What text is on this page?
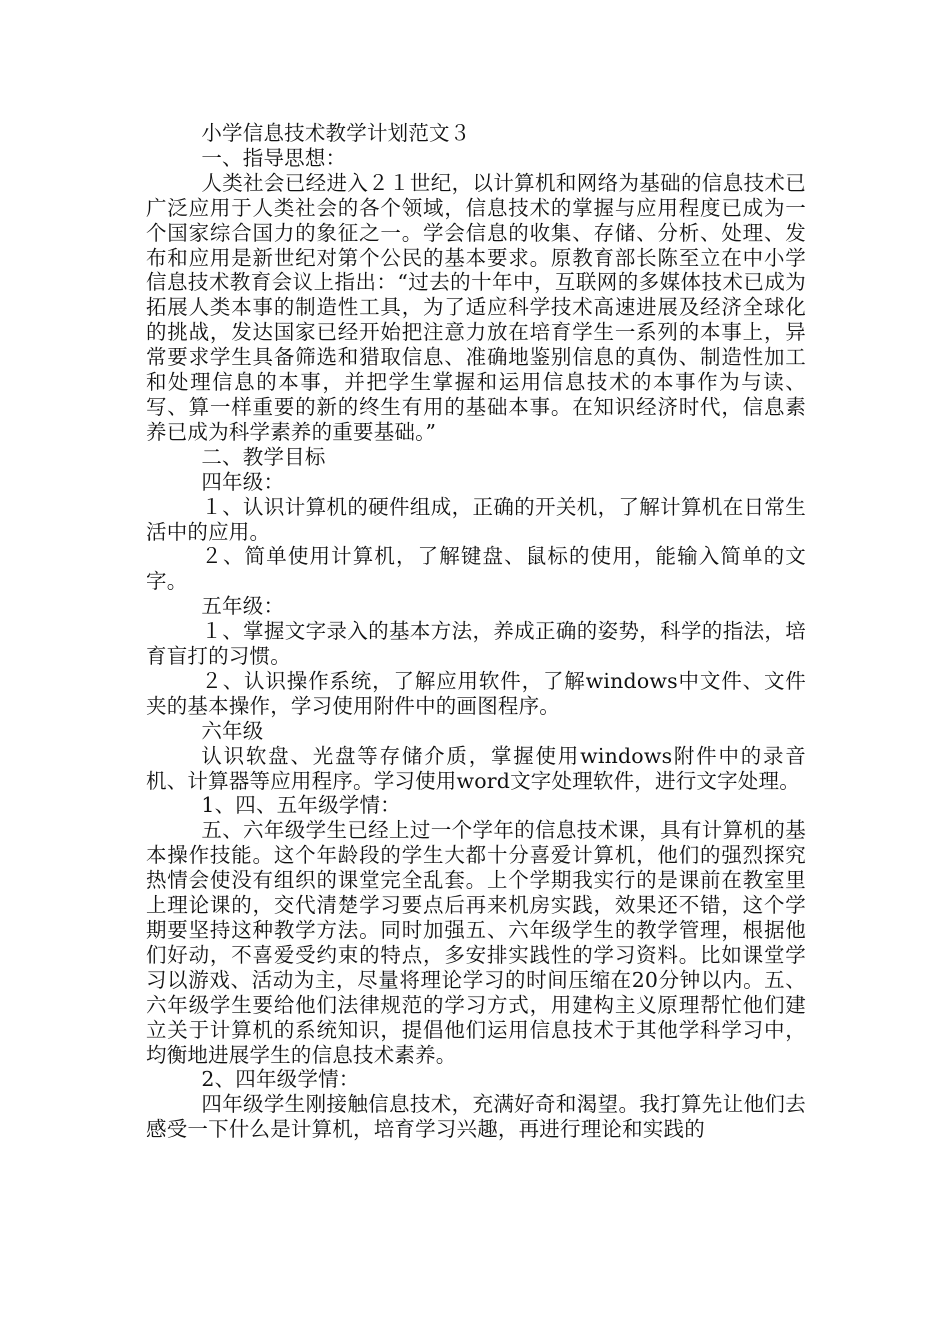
小学信息技术教学计划范文３

一、指导思想：

人类社会已经进入２１世纪，以计算机和网络为基础的信息技术已广泛应用于人类社会的各个领域，信息技术的掌握与应用程度已成为一个国家综合国力的象征之一。学会信息的收集、存储、分析、处理、发布和应用是新世纪对第个公民的基本要求。原教育部长陈至立在中小学信息技术教育会议上指出：“过去的十年中，互联网的多媒体技术已成为拓展人类本事的制造性工具，为了适应科学技术高速进展及经济全球化的挑战，发达国家已经开始把注意力放在培育学生一系列的本事上，异常要求学生具备筛选和猎取信息、准确地鉴别信息的真伪、制造性加工和处理信息的本事，并把学生掌握和运用信息技术的本事作为与读、写、算一样重要的新的终生有用的基础本事。在知识经济时代，信息素养已成为科学素养的重要基础。”

二、教学目标

四年级：

１、认识计算机的硬件组成，正确的开关机，了解计算机在日常生活中的应用。

２、简单使用计算机，了解键盘、鼠标的使用，能输入简单的文字。

五年级：

１、掌握文字录入的基本方法，养成正确的姿势，科学的指法，培育盲打的习惯。

２、认识操作系统，了解应用软件，了解windows中文件、文件夹的基本操作，学习使用附件中的画图程序。

六年级

认识软盘、光盘等存储介质，掌握使用windows附件中的录音机、计算器等应用程序。学习使用word文字处理软件，进行文字处理。

1、四、五年级学情：

五、六年级学生已经上过一个学年的信息技术课，具有计算机的基本操作技能。这个年龄段的学生大都十分喜爱计算机，他们的强烈探究热情会使没有组织的课堂完全乱套。上个学期我实行的是课前在教室里上理论课的，交代清楚学习要点后再来机房实践，效果还不错，这个学期要坚持这种教学方法。同时加强五、六年级学生的教学管理，根据他们好动，不喜爱受约束的特点，多安排实践性的学习资料。比如课堂学习以游戏、活动为主，尽量将理论学习的时间压缩在20分钟以内。五、六年级学生要给他们法律规范的学习方式，用建构主义原理帮忙他们建立关于计算机的系统知识，提倡他们运用信息技术于其他学科学习中，均衡地进展学生的信息技术素养。

2、四年级学情：

四年级学生刚接触信息技术，充满好奇和渴望。我打算先让他们去感受一下什么是计算机，培育学习兴趣，再进行理论和实践的
